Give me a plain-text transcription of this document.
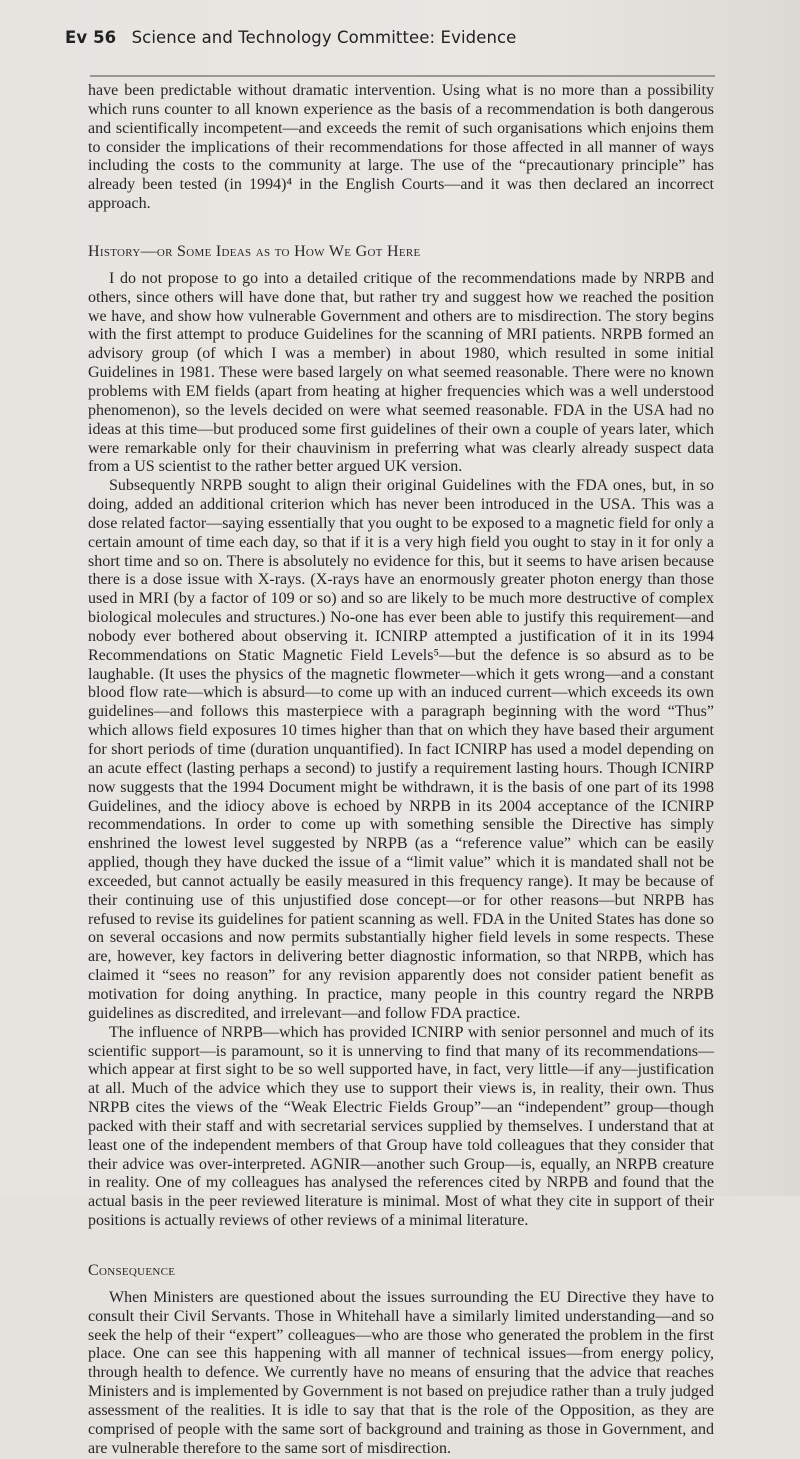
Ev 56 Science and Technology Committee: Evidence

have been predictable without dramatic intervention. Using what is no more than a possibility which runs counter to all known experience as the basis of a recommendation is both dangerous and scientifically incompetent—and exceeds the remit of such organisations which enjoins them to consider the implications of their recommendations for those affected in all manner of ways including the costs to the community at large. The use of the “precautionary principle” has already been tested (in 1994)⁴ in the English Courts—and it was then declared an incorrect approach.

History—or Some Ideas as to How We Got Here

I do not propose to go into a detailed critique of the recommendations made by NRPB and others, since others will have done that, but rather try and suggest how we reached the position we have, and show how vulnerable Government and others are to misdirection. The story begins with the first attempt to produce Guidelines for the scanning of MRI patients. NRPB formed an advisory group (of which I was a member) in about 1980, which resulted in some initial Guidelines in 1981. These were based largely on what seemed reasonable. There were no known problems with EM fields (apart from heating at higher frequencies which was a well understood phenomenon), so the levels decided on were what seemed reasonable. FDA in the USA had no ideas at this time—but produced some first guidelines of their own a couple of years later, which were remarkable only for their chauvinism in preferring what was clearly already suspect data from a US scientist to the rather better argued UK version.

Subsequently NRPB sought to align their original Guidelines with the FDA ones, but, in so doing, added an additional criterion which has never been introduced in the USA. This was a dose related factor—saying essentially that you ought to be exposed to a magnetic field for only a certain amount of time each day, so that if it is a very high field you ought to stay in it for only a short time and so on. There is absolutely no evidence for this, but it seems to have arisen because there is a dose issue with X-rays. (X-rays have an enormously greater photon energy than those used in MRI (by a factor of 109 or so) and so are likely to be much more destructive of complex biological molecules and structures.) No-one has ever been able to justify this requirement—and nobody ever bothered about observing it. ICNIRP attempted a justification of it in its 1994 Recommendations on Static Magnetic Field Levels⁵—but the defence is so absurd as to be laughable. (It uses the physics of the magnetic flowmeter—which it gets wrong—and a constant blood flow rate—which is absurd—to come up with an induced current—which exceeds its own guidelines—and follows this masterpiece with a paragraph beginning with the word “Thus” which allows field exposures 10 times higher than that on which they have based their argument for short periods of time (duration unquantified). In fact ICNIRP has used a model depending on an acute effect (lasting perhaps a second) to justify a requirement lasting hours. Though ICNIRP now suggests that the 1994 Document might be withdrawn, it is the basis of one part of its 1998 Guidelines, and the idiocy above is echoed by NRPB in its 2004 acceptance of the ICNIRP recommendations. In order to come up with something sensible the Directive has simply enshrined the lowest level suggested by NRPB (as a “reference value” which can be easily applied, though they have ducked the issue of a “limit value” which it is mandated shall not be exceeded, but cannot actually be easily measured in this frequency range). It may be because of their continuing use of this unjustified dose concept—or for other reasons—but NRPB has refused to revise its guidelines for patient scanning as well. FDA in the United States has done so on several occasions and now permits substantially higher field levels in some respects. These are, however, key factors in delivering better diagnostic information, so that NRPB, which has claimed it “sees no reason” for any revision apparently does not consider patient benefit as motivation for doing anything. In practice, many people in this country regard the NRPB guidelines as discredited, and irrelevant—and follow FDA practice.

The influence of NRPB—which has provided ICNIRP with senior personnel and much of its scientific support—is paramount, so it is unnerving to find that many of its recommendations—which appear at first sight to be so well supported have, in fact, very little—if any—justification at all. Much of the advice which they use to support their views is, in reality, their own. Thus NRPB cites the views of the “Weak Electric Fields Group”—an “independent” group—though packed with their staff and with secretarial services supplied by themselves. I understand that at least one of the independent members of that Group have told colleagues that they consider that their advice was over-interpreted. AGNIR—another such Group—is, equally, an NRPB creature in reality. One of my colleagues has analysed the references cited by NRPB and found that the actual basis in the peer reviewed literature is minimal. Most of what they cite in support of their positions is actually reviews of other reviews of a minimal literature.

Consequence

When Ministers are questioned about the issues surrounding the EU Directive they have to consult their Civil Servants. Those in Whitehall have a similarly limited understanding—and so seek the help of their “expert” colleagues—who are those who generated the problem in the first place. One can see this happening with all manner of technical issues—from energy policy, through health to defence. We currently have no means of ensuring that the advice that reaches Ministers and is implemented by Government is not based on prejudice rather than a truly judged assessment of the realities. It is idle to say that that is the role of the Opposition, as they are comprised of people with the same sort of background and training as those in Government, and are vulnerable therefore to the same sort of misdirection.
